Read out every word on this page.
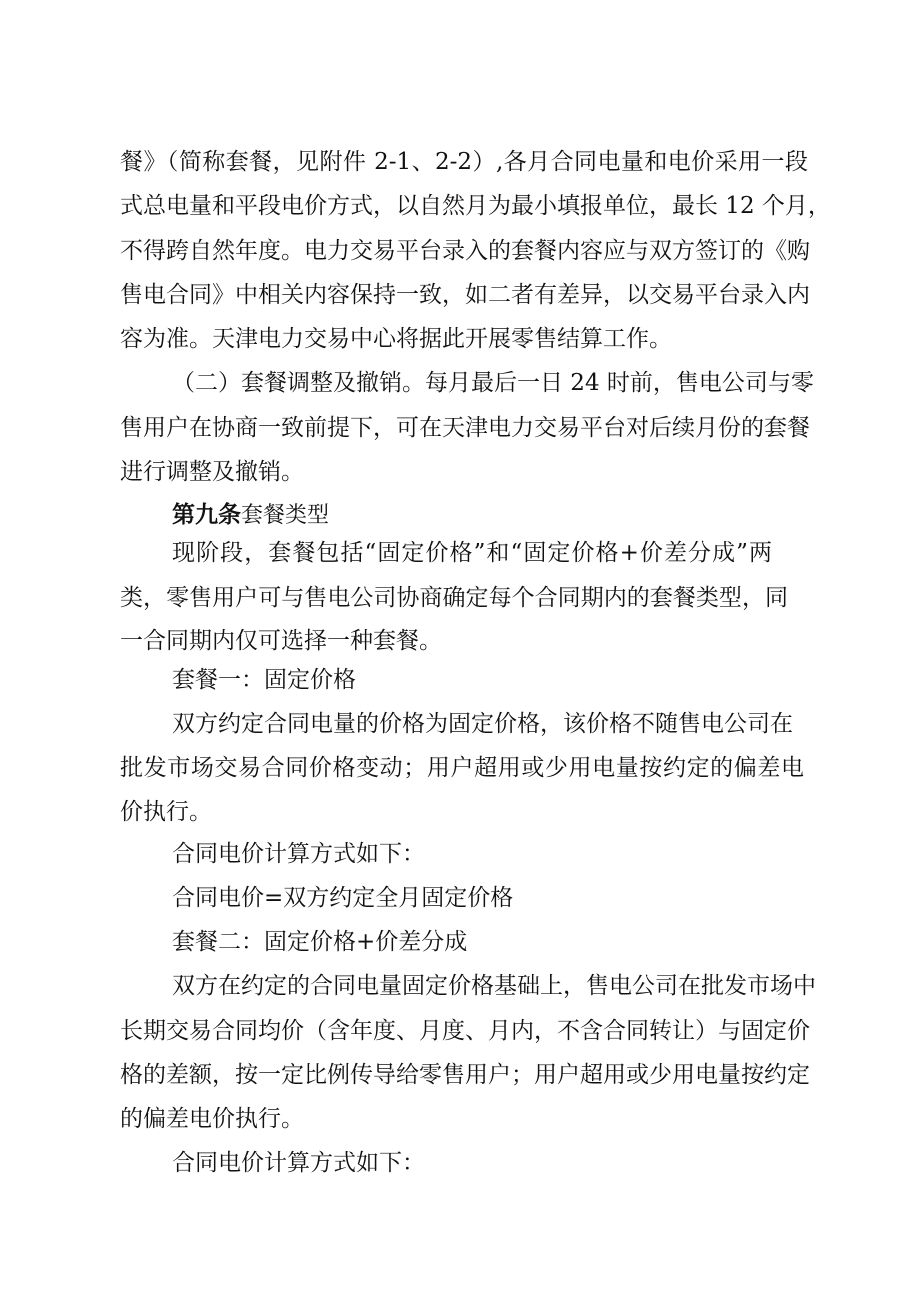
餐》（简称套餐，见附件 2-1、2-2）,各月合同电量和电价采用一段
式总电量和平段电价方式，以自然月为最小填报单位，最长 12 个月，
不得跨自然年度。电力交易平台录入的套餐内容应与双方签订的《购
售电合同》中相关内容保持一致，如二者有差异，以交易平台录入内
容为准。天津电力交易中心将据此开展零售结算工作。
（二）套餐调整及撤销。每月最后一日 24 时前，售电公司与零
售用户在协商一致前提下，可在天津电力交易平台对后续月份的套餐
进行调整及撤销。
第九条套餐类型
现阶段，套餐包括“固定价格”和“固定价格+价差分成”两
类，零售用户可与售电公司协商确定每个合同期内的套餐类型，同
一合同期内仅可选择一种套餐。
套餐一：固定价格
双方约定合同电量的价格为固定价格，该价格不随售电公司在
批发市场交易合同价格变动；用户超用或少用电量按约定的偏差电
价执行。
合同电价计算方式如下：
合同电价=双方约定全月固定价格
套餐二：固定价格+价差分成
双方在约定的合同电量固定价格基础上，售电公司在批发市场中
长期交易合同均价（含年度、月度、月内，不含合同转让）与固定价
格的差额，按一定比例传导给零售用户；用户超用或少用电量按约定
的偏差电价执行。
合同电价计算方式如下：
